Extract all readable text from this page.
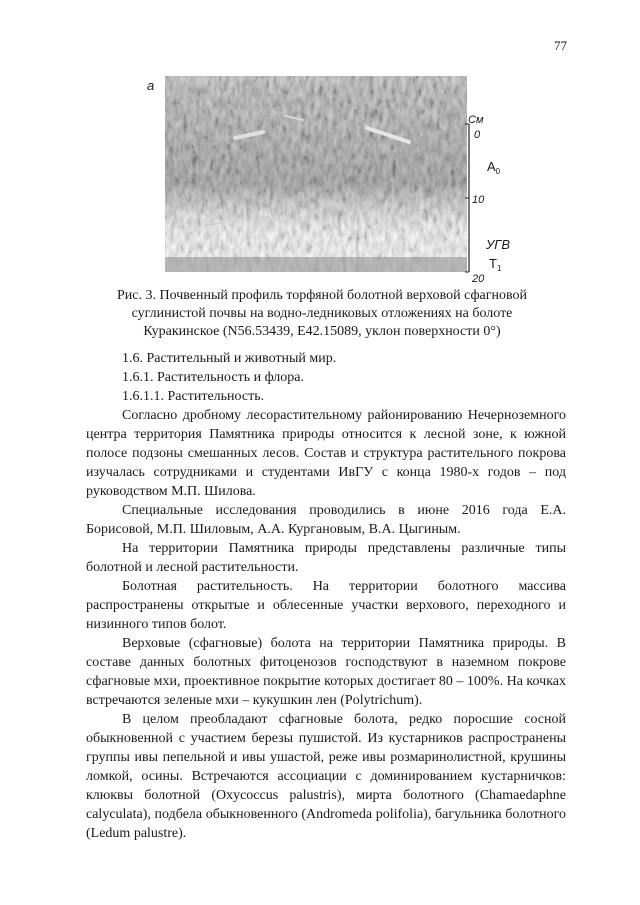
77
а
См
0
10
20
$A_0$
УГВ
$T_1$
Рис. 3. Почвенный профиль торфяной болотной верховой сфагновой
суглинистой почвы на водно-ледниковых отложениях на болоте
Куракинское (N56.53439, E42.15089, уклон поверхности 0°)

1.6. Растительный и животный мир.

1.6.1. Растительность и флора.

1.6.1.1. Растительность.

Согласно дробному лесорастительному районированию Нечерноземного центра территория Памятника природы относится к лесной зоне, к южной полосе подзоны смешанных лесов. Состав и структура растительного покрова изучалась сотрудниками и студентами ИвГУ с конца 1980-х годов – под руководством М.П. Шилова.

Специальные исследования проводились в июне 2016 года Е.А. Борисовой, М.П. Шиловым, А.А. Кургановым, В.А. Цыгиным.

На территории Памятника природы представлены различные типы болотной и лесной растительности.

Болотная растительность. На территории болотного массива распространены открытые и облесенные участки верхового, переходного и низинного типов болот.

Верховые (сфагновые) болота на территории Памятника природы. В составе данных болотных фитоценозов господствуют в наземном покрове сфагновые мхи, проективное покрытие которых достигает 80 – 100%. На кочках встречаются зеленые мхи – кукушкин лен (Polytrichum).

В целом преобладают сфагновые болота, редко поросшие сосной обыкновенной с участием березы пушистой. Из кустарников распространены группы ивы пепельной и ивы ушастой, реже ивы розмаринолистной, крушины ломкой, осины. Встречаются ассоциации с доминированием кустарничков: клюквы болотной (Oxycoccus palustris), мирта болотного (Chamaedaphne calyculata), подбела обыкновенного (Andromeda polifolia), багульника болотного (Ledum palustre).
